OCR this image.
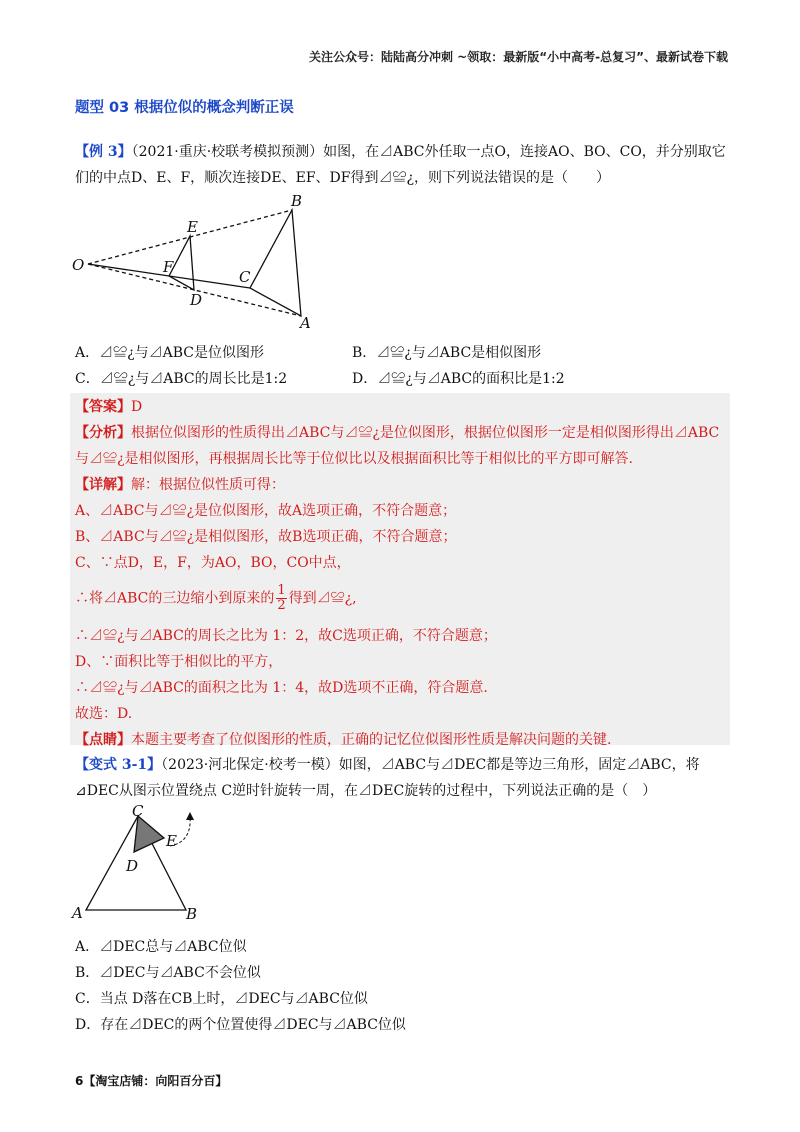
关注公众号：陆陆高分冲刺 ~领取：最新版“小中高考-总复习”、最新试卷下载
题型 03 根据位似的概念判断正误
【例 3】（2021·重庆·校联考模拟预测）如图，在⊿ABC外任取一点O，连接AO、BO、CO，并分别取它
们的中点D、E、F，顺次连接DE、EF、DF得到⊿≌¿，则下列说法错误的是（　　）
O
E
F
D
C
B
A
A．⊿≌¿与⊿ABC是位似图形	B．⊿≌¿与⊿ABC是相似图形
C．⊿≌¿与⊿ABC的周长比是1:2	D．⊿≌¿与⊿ABC的面积比是1:2
【答案】D
【分析】根据位似图形的性质得出⊿ABC与⊿≌¿是位似图形，根据位似图形一定是相似图形得出⊿ABC
与⊿≌¿是相似图形，再根据周长比等于位似比以及根据面积比等于相似比的平方即可解答.
【详解】解：根据位似性质可得：
A、⊿ABC与⊿≌¿是位似图形，故A选项正确，不符合题意；
B、⊿ABC与⊿≌¿是相似图形，故B选项正确，不符合题意；
C、∵点D，E，F，为AO，BO，CO中点，
∴将⊿ABC的三边缩小到原来的 $\frac{1}{2}$ 得到⊿≌¿,
∴⊿≌¿与⊿ABC的周长之比为 1：2，故C选项正确，不符合题意；
D、∵面积比等于相似比的平方，
∴⊿≌¿与⊿ABC的面积之比为 1：4，故D选项不正确，符合题意.
故选：D.
【点睛】本题主要考查了位似图形的性质，正确的记忆位似图形性质是解决问题的关键.
【变式 3-1】（2023·河北保定·校考一模）如图，⊿ABC与⊿DEC都是等边三角形，固定⊿ABC，将
⊿DEC从图示位置绕点 C逆时针旋转一周，在⊿DEC旋转的过程中，下列说法正确的是（　）
C
E
D
A	B
A．⊿DEC总与⊿ABC位似
B．⊿DEC与⊿ABC不会位似
C．当点 D落在CB上时，⊿DEC与⊿ABC位似
D．存在⊿DEC的两个位置使得⊿DEC与⊿ABC位似
6【淘宝店铺：向阳百分百】
